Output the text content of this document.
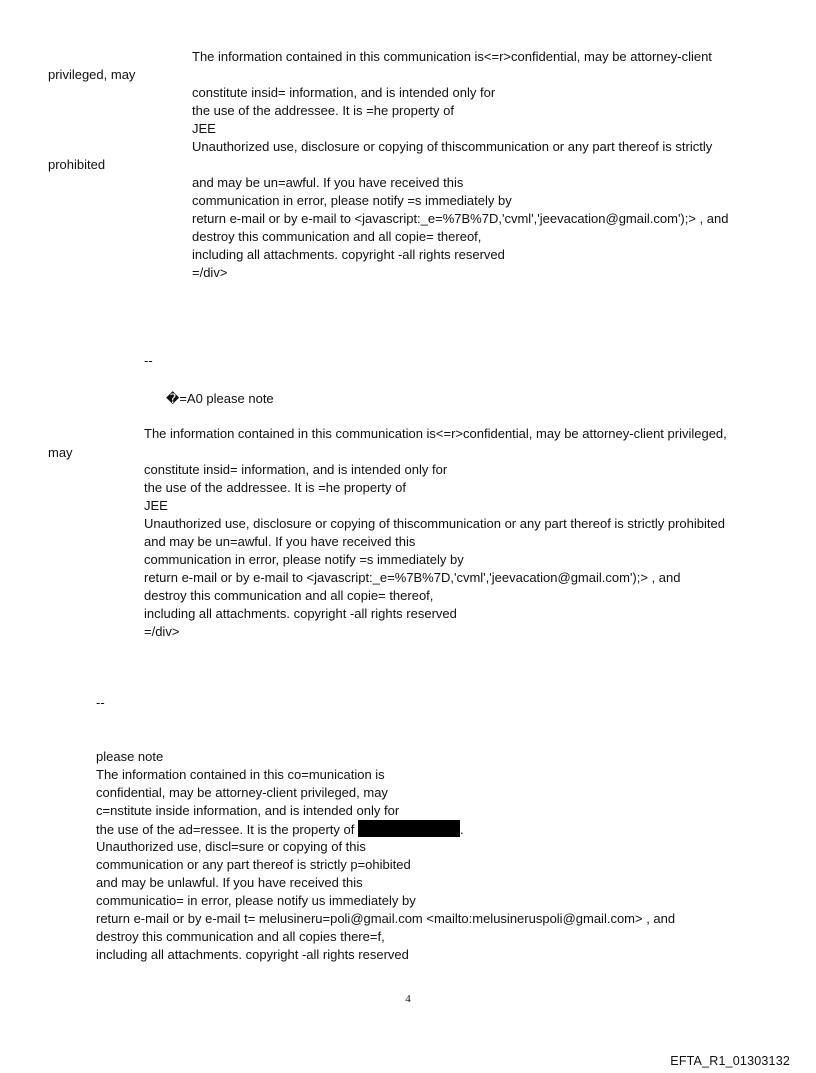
The information contained in this communication is<=r>confidential, may be attorney-client

privileged, may

constitute insid= information, and is intended only for

the use of the addressee. It is =he property of

JEE

Unauthorized use, disclosure or copying of thiscommunication or any part thereof is strictly

prohibited

and may be un=awful. If you have received this

communication in error, please notify =s immediately by

return e-mail or by e-mail to <javascript:_e=%7B%7D,'cvml','jeevacation@gmail.com');> , and

destroy this communication and all copie= thereof,

including all attachments. copyright -all rights reserved

=/div>

--

�=A0 please note

The information contained in this communication is<=r>confidential, may be attorney-client privileged,

may

constitute insid= information, and is intended only for

the use of the addressee. It is =he property of

JEE

Unauthorized use, disclosure or copying of thiscommunication or any part thereof is strictly prohibited

and may be un=awful. If you have received this

communication in error, please notify =s immediately by

return e-mail or by e-mail to <javascript:_e=%7B%7D,'cvml','jeevacation@gmail.com');> , and

destroy this communication and all copie= thereof,

including all attachments. copyright -all rights reserved

=/div>

--

please note

The information contained in this co=munication is

confidential, may be attorney-client privileged, may

c=nstitute inside information, and is intended only for

the use of the ad=ressee. It is the property of	.

Unauthorized use, discl=sure or copying of this

communication or any part thereof is strictly p=ohibited

and may be unlawful. If you have received this

communicatio= in error, please notify us immediately by

return e-mail or by e-mail t= melusineru=poli@gmail.com <mailto:melusineruspoli@gmail.com> , and

destroy this communication and all copies there=f,

including all attachments. copyright -all rights reserved

4
EFTA_R1_01303132
